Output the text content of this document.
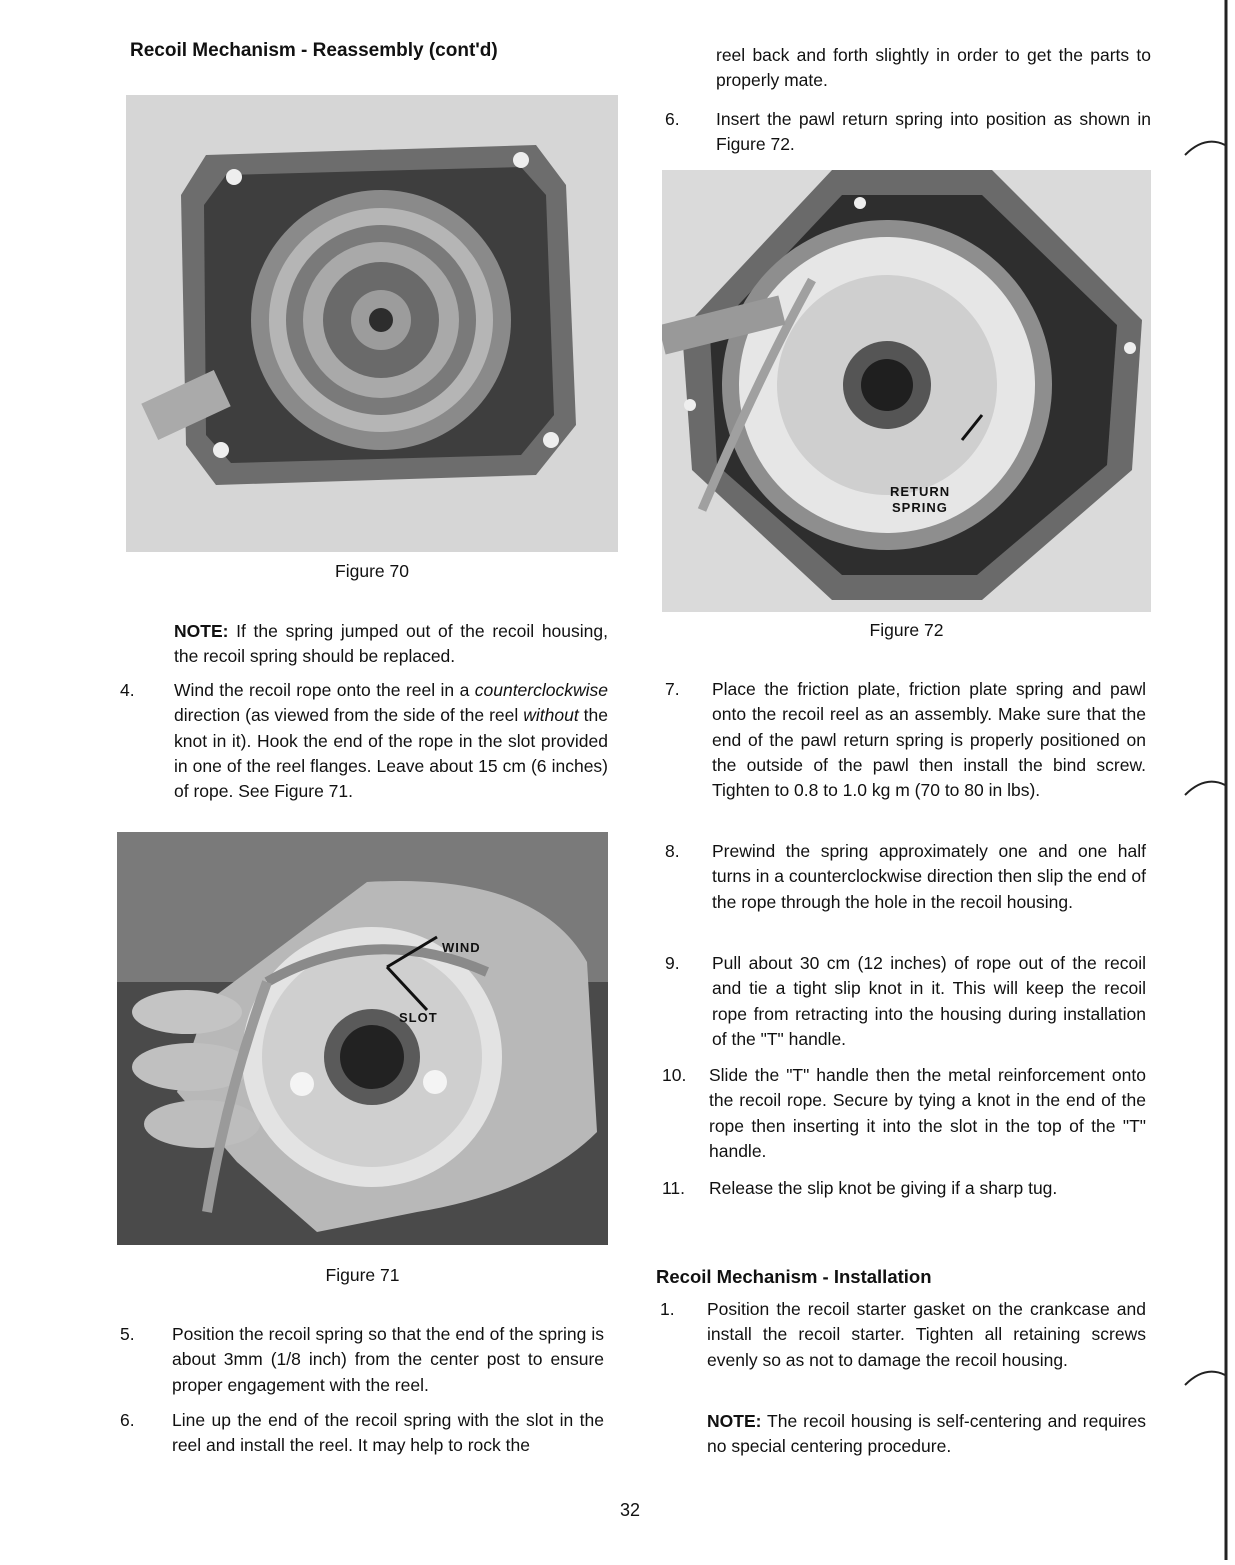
Recoil Mechanism - Reassembly (cont'd)
Figure 70
NOTE: If the spring jumped out of the recoil housing, the recoil spring should be replaced.
4. Wind the recoil rope onto the reel in a counterclockwise direction (as viewed from the side of the reel without the knot in it). Hook the end of the rope in the slot provided in one of the reel flanges. Leave about 15 cm (6 inches) of rope. See Figure 71.
WIND
SLOT
Figure 71
5. Position the recoil spring so that the end of the spring is about 3mm (1/8 inch) from the center post to ensure proper engagement with the reel.
6. Line up the end of the recoil spring with the slot in the reel and install the reel. It may help to rock the
reel back and forth slightly in order to get the parts to properly mate.
6. Insert the pawl return spring into position as shown in Figure 72.
RETURN
SPRING
Figure 72
7. Place the friction plate, friction plate spring and pawl onto the recoil reel as an assembly. Make sure that the end of the pawl return spring is properly positioned on the outside of the pawl then install the bind screw. Tighten to 0.8 to 1.0 kg m (70 to 80 in lbs).
8. Prewind the spring approximately one and one half turns in a counterclockwise direction then slip the end of the rope through the hole in the recoil housing.
9. Pull about 30 cm (12 inches) of rope out of the recoil and tie a tight slip knot in it. This will keep the recoil rope from retracting into the housing during installation of the "T" handle.
10. Slide the "T" handle then the metal reinforcement onto the recoil rope. Secure by tying a knot in the end of the rope then inserting it into the slot in the top of the "T" handle.
11. Release the slip knot be giving if a sharp tug.
Recoil Mechanism - Installation
1. Position the recoil starter gasket on the crankcase and install the recoil starter. Tighten all retaining screws evenly so as not to damage the recoil housing.
NOTE: The recoil housing is self-centering and requires no special centering procedure.
32
